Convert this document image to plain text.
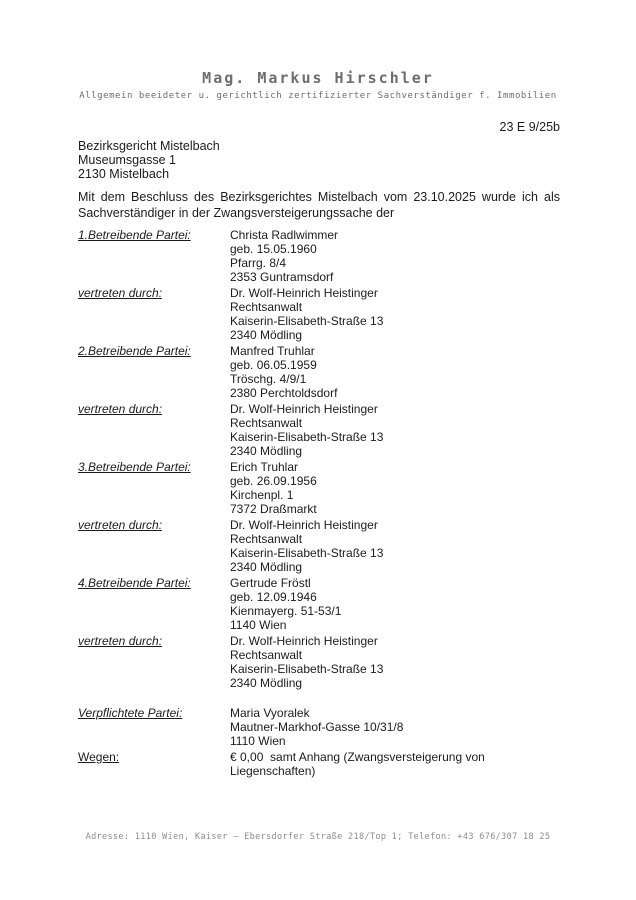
Mag. Markus Hirschler
Allgemein beeideter u. gerichtlich zertifizierter Sachverständiger f. Immobilien
23 E 9/25b
Bezirksgericht Mistelbach
Museumsgasse 1
2130 Mistelbach

Mit dem Beschluss des Bezirksgerichtes Mistelbach vom 23.10.2025 wurde ich als Sachverständiger in der Zwangsversteigerungssache der

1.Betreibende Partei:	Christa Radlwimmer
geb. 15.05.1960
Pfarrg. 8/4
2353 Guntramsdorf
vertreten durch:	Dr. Wolf-Heinrich Heistinger
Rechtsanwalt
Kaiserin-Elisabeth-Straße 13
2340 Mödling
2.Betreibende Partei:	Manfred Truhlar
geb. 06.05.1959
Tröschg. 4/9/1
2380 Perchtoldsdorf
vertreten durch:	Dr. Wolf-Heinrich Heistinger
Rechtsanwalt
Kaiserin-Elisabeth-Straße 13
2340 Mödling
3.Betreibende Partei:	Erich Truhlar
geb. 26.09.1956
Kirchenpl. 1
7372 Draßmarkt
vertreten durch:	Dr. Wolf-Heinrich Heistinger
Rechtsanwalt
Kaiserin-Elisabeth-Straße 13
2340 Mödling
4.Betreibende Partei:	Gertrude Fröstl
geb. 12.09.1946
Kienmayerg. 51-53/1
1140 Wien
vertreten durch:	Dr. Wolf-Heinrich Heistinger
Rechtsanwalt
Kaiserin-Elisabeth-Straße 13
2340 Mödling
Verpflichtete Partei:	Maria Vyoralek
Mautner-Markhof-Gasse 10/31/8
1110 Wien
Wegen:	€ 0,00  samt Anhang (Zwangsversteigerung von Liegenschaften)
Adresse: 1110 Wien, Kaiser – Ebersdorfer Straße 218/Top 1; Telefon: +43 676/307 18 25
